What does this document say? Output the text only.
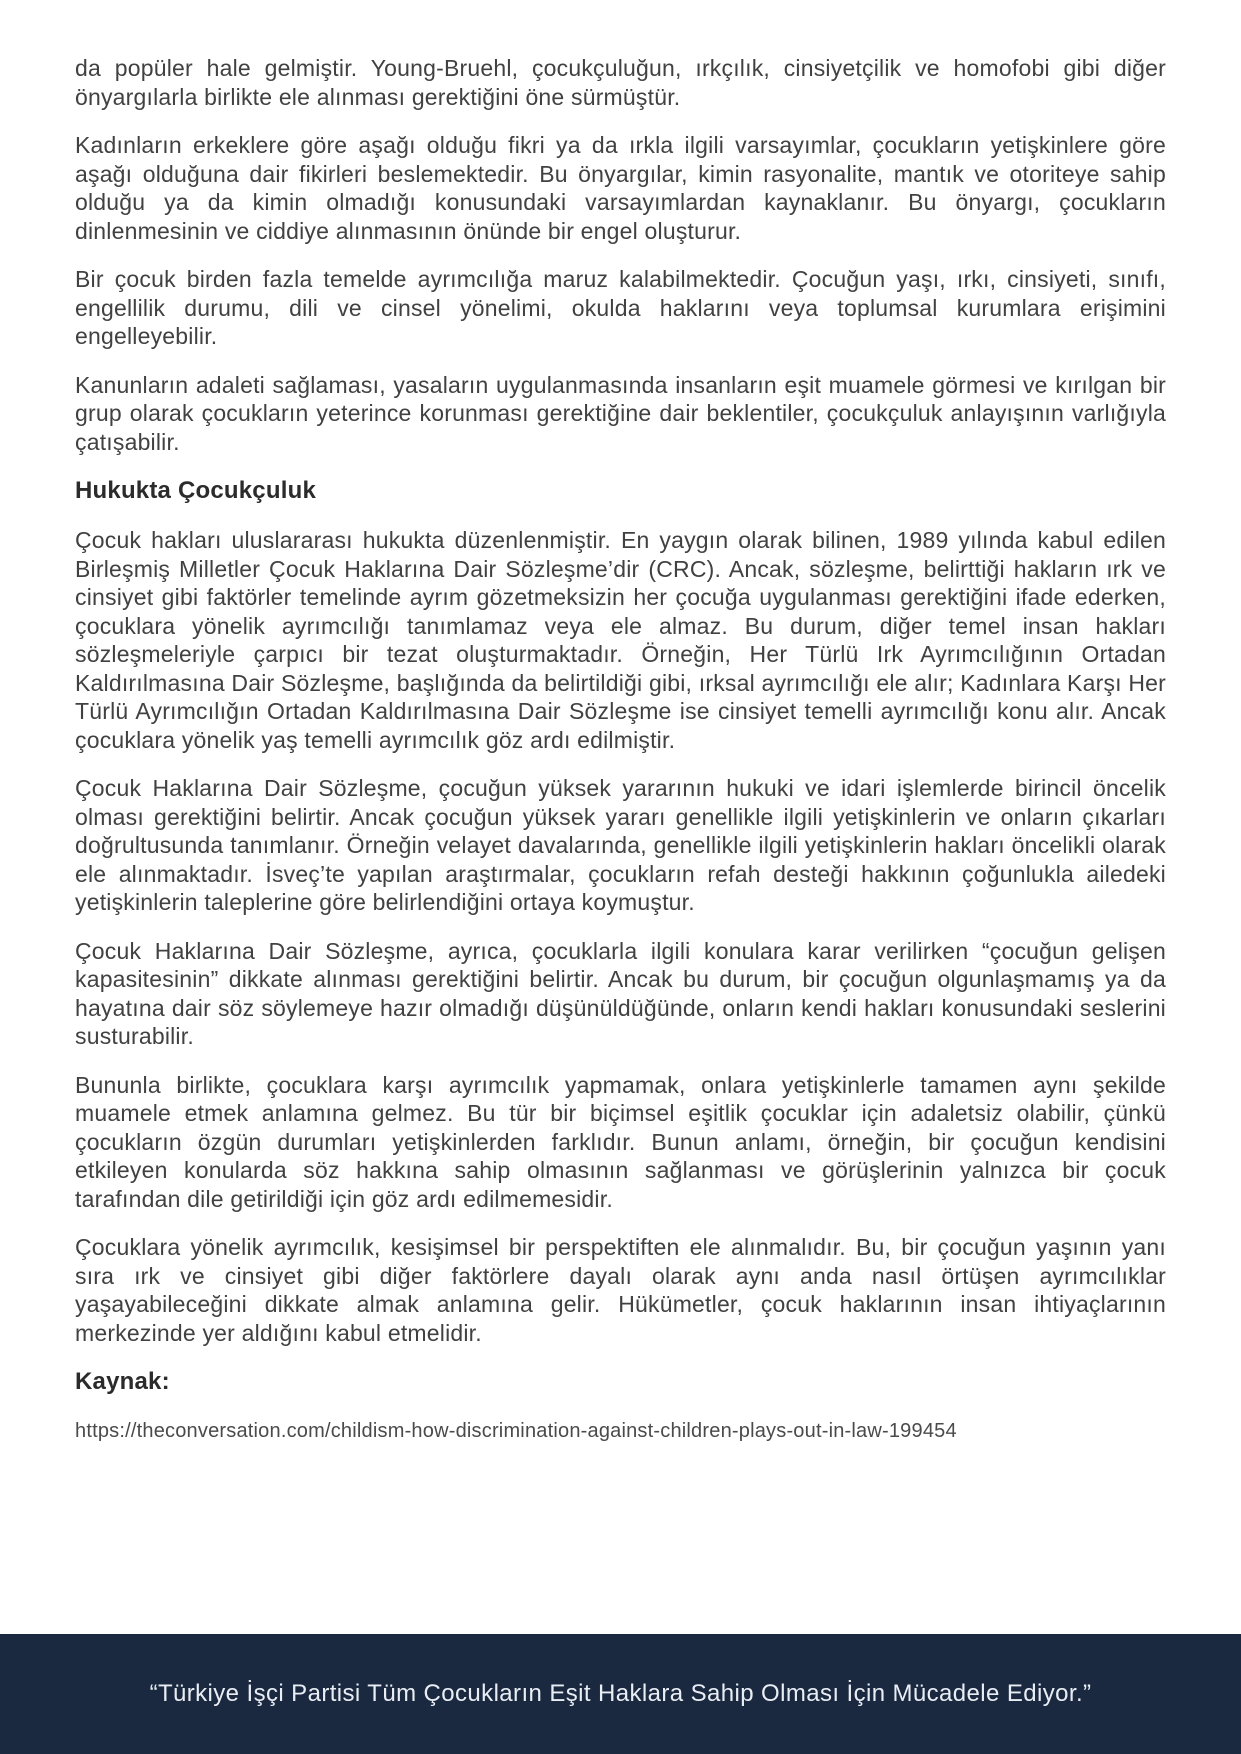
da popüler hale gelmiştir. Young-Bruehl, çocukçuluğun, ırkçılık, cinsiyetçilik ve homofobi gibi diğer önyargılarla birlikte ele alınması gerektiğini öne sürmüştür.

Kadınların erkeklere göre aşağı olduğu fikri ya da ırkla ilgili varsayımlar, çocukların yetişkinlere göre aşağı olduğuna dair fikirleri beslemektedir. Bu önyargılar, kimin rasyonalite, mantık ve otoriteye sahip olduğu ya da kimin olmadığı konusundaki varsayımlardan kaynaklanır. Bu önyargı, çocukların dinlenmesinin ve ciddiye alınmasının önünde bir engel oluşturur.

Bir çocuk birden fazla temelde ayrımcılığa maruz kalabilmektedir. Çocuğun yaşı, ırkı, cinsiyeti, sınıfı, engellilik durumu, dili ve cinsel yönelimi, okulda haklarını veya toplumsal kurumlara erişimini engelleyebilir.

Kanunların adaleti sağlaması, yasaların uygulanmasında insanların eşit muamele görmesi ve kırılgan bir grup olarak çocukların yeterince korunması gerektiğine dair beklentiler, çocukçuluk anlayışının varlığıyla çatışabilir.

Hukukta Çocukçuluk

Çocuk hakları uluslararası hukukta düzenlenmiştir. En yaygın olarak bilinen, 1989 yılında kabul edilen Birleşmiş Milletler Çocuk Haklarına Dair Sözleşme’dir (CRC). Ancak, sözleşme, belirttiği hakların ırk ve cinsiyet gibi faktörler temelinde ayrım gözetmeksizin her çocuğa uygulanması gerektiğini ifade ederken, çocuklara yönelik ayrımcılığı tanımlamaz veya ele almaz. Bu durum, diğer temel insan hakları sözleşmeleriyle çarpıcı bir tezat oluşturmaktadır. Örneğin, Her Türlü Irk Ayrımcılığının Ortadan Kaldırılmasına Dair Sözleşme, başlığında da belirtildiği gibi, ırksal ayrımcılığı ele alır; Kadınlara Karşı Her Türlü Ayrımcılığın Ortadan Kaldırılmasına Dair Sözleşme ise cinsiyet temelli ayrımcılığı konu alır. Ancak çocuklara yönelik yaş temelli ayrımcılık göz ardı edilmiştir.

Çocuk Haklarına Dair Sözleşme, çocuğun yüksek yararının hukuki ve idari işlemlerde birincil öncelik olması gerektiğini belirtir. Ancak çocuğun yüksek yararı genellikle ilgili yetişkinlerin ve onların çıkarları doğrultusunda tanımlanır. Örneğin velayet davalarında, genellikle ilgili yetişkinlerin hakları öncelikli olarak ele alınmaktadır. İsveç’te yapılan araştırmalar, çocukların refah desteği hakkının çoğunlukla ailedeki yetişkinlerin taleplerine göre belirlendiğini ortaya koymuştur.

Çocuk Haklarına Dair Sözleşme, ayrıca, çocuklarla ilgili konulara karar verilirken “çocuğun gelişen kapasitesinin” dikkate alınması gerektiğini belirtir. Ancak bu durum, bir çocuğun olgunlaşmamış ya da hayatına dair söz söylemeye hazır olmadığı düşünüldüğünde, onların kendi hakları konusundaki seslerini susturabilir.

Bununla birlikte, çocuklara karşı ayrımcılık yapmamak, onlara yetişkinlerle tamamen aynı şekilde muamele etmek anlamına gelmez. Bu tür bir biçimsel eşitlik çocuklar için adaletsiz olabilir, çünkü çocukların özgün durumları yetişkinlerden farklıdır. Bunun anlamı, örneğin, bir çocuğun kendisini etkileyen konularda söz hakkına sahip olmasının sağlanması ve görüşlerinin yalnızca bir çocuk tarafından dile getirildiği için göz ardı edilmemesidir.

Çocuklara yönelik ayrımcılık, kesişimsel bir perspektiften ele alınmalıdır. Bu, bir çocuğun yaşının yanı sıra ırk ve cinsiyet gibi diğer faktörlere dayalı olarak aynı anda nasıl örtüşen ayrımcılıklar yaşayabileceğini dikkate almak anlamına gelir. Hükümetler, çocuk haklarının insan ihtiyaçlarının merkezinde yer aldığını kabul etmelidir.

Kaynak:

https://theconversation.com/childism-how-discrimination-against-children-plays-out-in-law-199454

“Türkiye İşçi Partisi Tüm Çocukların Eşit Haklara Sahip Olması İçin Mücadele Ediyor.”
